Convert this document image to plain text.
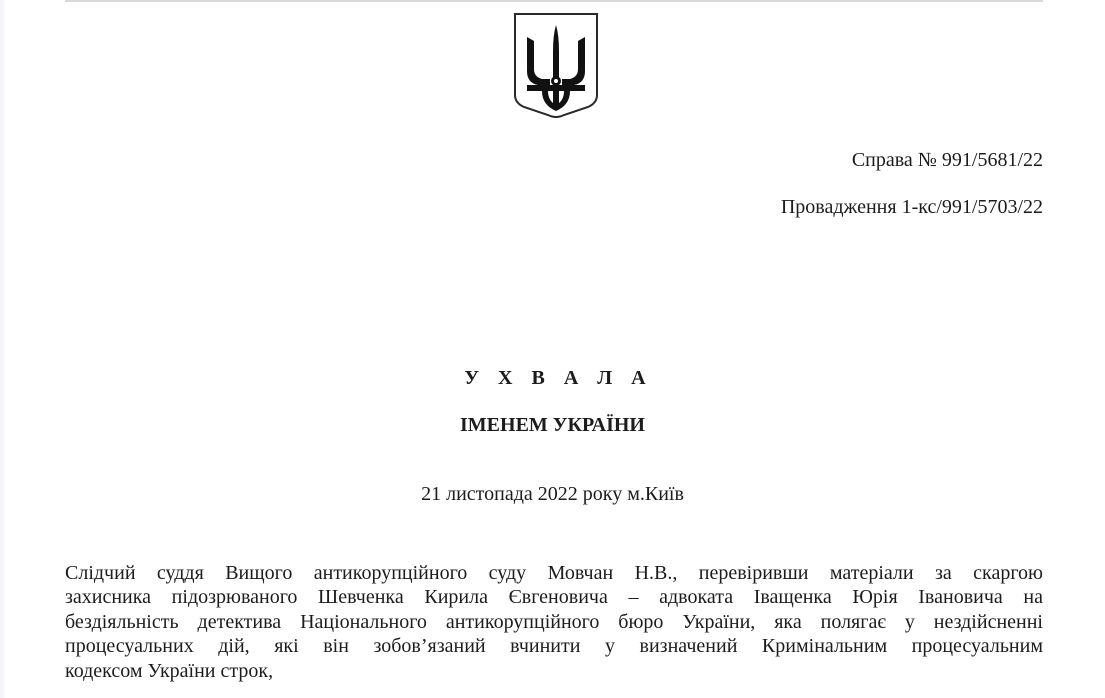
Справа № 991/5681/22
Провадження 1-кс/991/5703/22
У Х В А Л А
ІМЕНЕМ УКРАЇНИ
21 листопада 2022 року м.Київ
Слідчий суддя Вищого антикорупційного суду Мовчан Н.В., перевіривши матеріали за скаргою
захисника підозрюваного Шевченка Кирила Євгеновича – адвоката Іващенка Юрія Івановича на
бездіяльність детектива Національного антикорупційного бюро України, яка полягає у нездійсненні
процесуальних дій, які він зобов’язаний вчинити у визначений Кримінальним процесуальним
кодексом України строк,
